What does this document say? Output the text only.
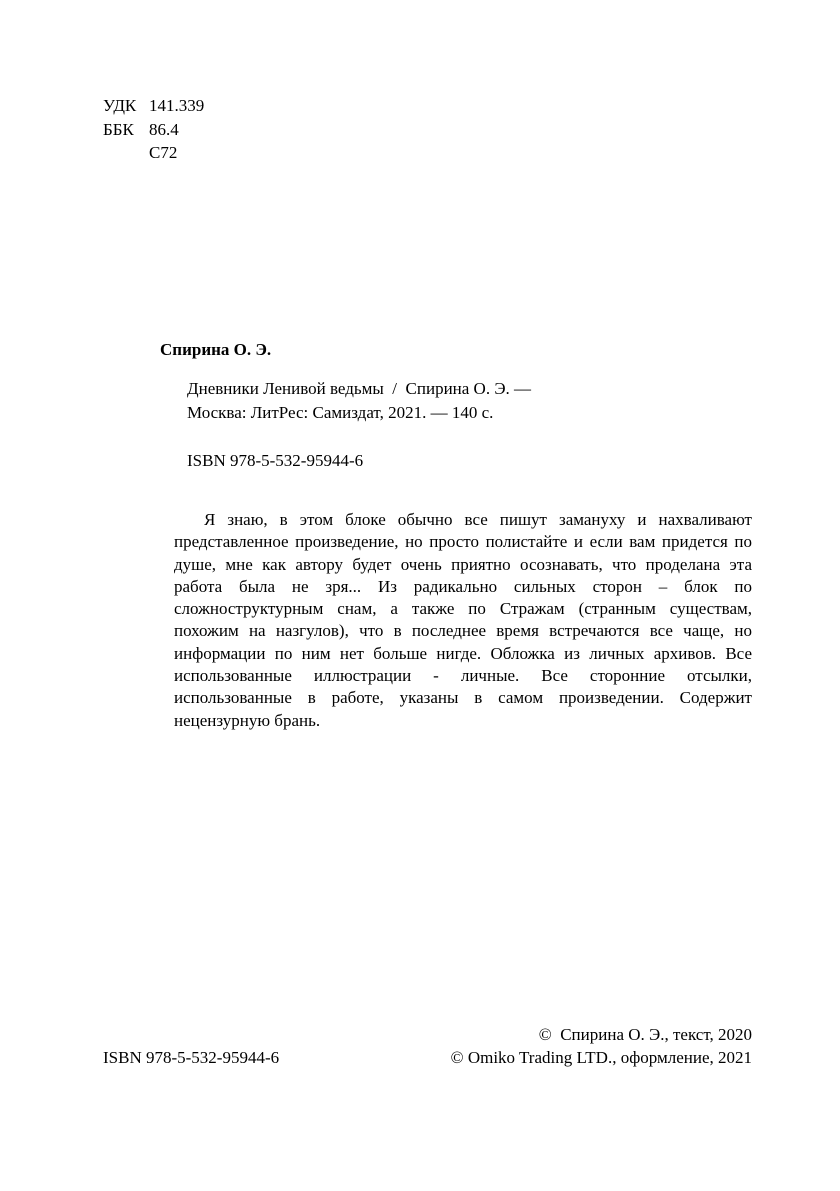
УДК 141.339
ББК 86.4
С72
Спирина О. Э.
Дневники Ленивой ведьмы  /  Спирина О. Э. —
Москва: ЛитРес: Самиздат, 2021. — 140 с.
ISBN 978-5-532-95944-6

Я знаю, в этом блоке обычно все пишут замануху и нахваливают представленное произведение, но просто полистайте и если вам придется по душе, мне как автору будет очень приятно осознавать, что проделана эта работа была не зря... Из радикально сильных сторон – блок по сложноструктурным снам, а также по Стражам (странным существам, похожим на назгулов), что в последнее время встречаются все чаще, но информации по ним нет больше нигде. Обложка из личных архивов. Все использованные иллюстрации - личные. Все сторонние отсылки, использованные в работе, указаны в самом произведении. Содержит нецензурную брань.

©  Спирина О. Э., текст, 2020
© Omiko Trading LTD., оформление, 2021
ISBN 978-5-532-95944-6
